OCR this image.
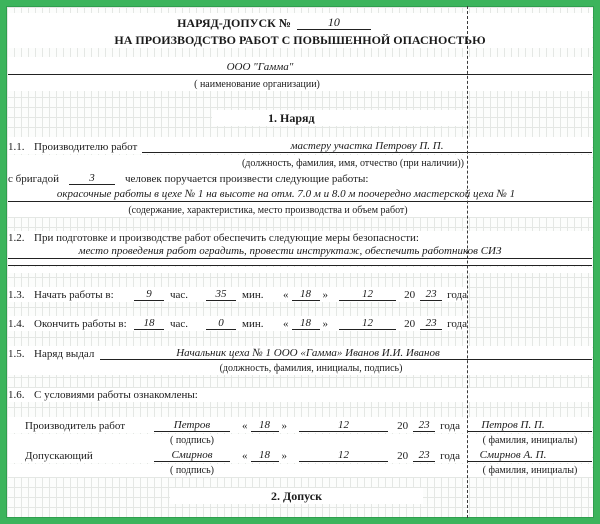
НАРЯД-ДОПУСК №	10
НА ПРОИЗВОДСТВО РАБОТ С ПОВЫШЕННОЙ ОПАСНОСТЬЮ
ООО "Гамма"
( наименование организации)
1. Наряд
1.1. Производителю работ	мастеру участка Петрову П. П.
(должность, фамилия, имя, отчество (при наличии))
с бригадой	3	человек поручается произвести следующие работы:
окрасочные работы в цехе № 1 на высоте на отм. 7.0 м и 8.0 м поочередно мастерской цеха № 1
(содержание, характеристика, место производства и объем работ)
1.2. При подготовке и производстве работ обеспечить следующие меры безопасности:
место проведения работ оградить, провести инструктаж, обеспечить работников СИЗ
1.3. Начать работы в:	9	час.	35	мин.	«	18	»	12	20 23 года
1.4. Окончить работы в:	18	час.	0	мин.	«	18	»	12	20 23 года
1.5. Наряд выдал	Начальник цеха № 1 ООО «Гамма» Иванов И.И. Иванов
(должность, фамилия, инициалы, подпись)
1.6. С условиями работы ознакомлены:
Производитель работ	Петров	«	18	»	12	20 23 года Петров П. П.
( подпись)	( фамилия, инициалы)
Допускающий	Смирнов	«	18	»	12	20 23 года Смирнов А. П.
( подпись)	( фамилия, инициалы)
2. Допуск
